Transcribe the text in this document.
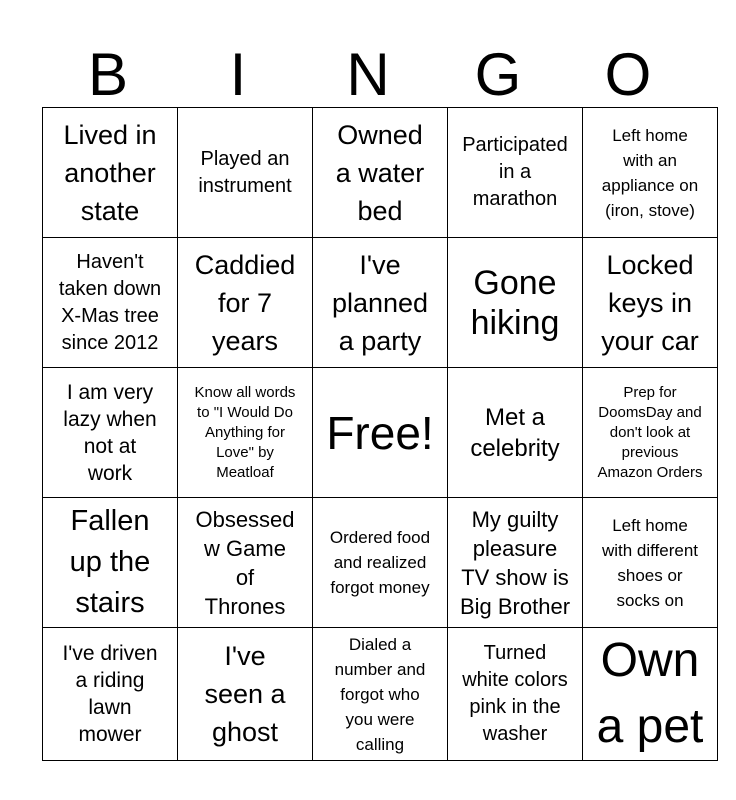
B	I	N	G	O
Lived in
another
state	Played an
instrument	Owned
a water
bed	Participated
in a
marathon	Left home
with an
appliance on
(iron, stove)

Haven't
taken down
X-Mas tree
since 2012	Caddied
for 7
years	I've
planned
a party	Gone
hiking	Locked
keys in
your car

I am very
lazy when
not at
work	Know all words
to "I Would Do
Anything for
Love" by
Meatloaf	Free!	Met a
celebrity	Prep for
DoomsDay and
don't look at
previous
Amazon Orders

Fallen
up the
stairs	Obsessed
w Game
of
Thrones	Ordered food
and realized
forgot money	My guilty
pleasure
TV show is
Big Brother	Left home
with different
shoes or
socks on

I've driven
a riding
lawn
mower	I've
seen a
ghost	Dialed a
number and
forgot who
you were
calling	Turned
white colors
pink in the
washer	Own
a pet
